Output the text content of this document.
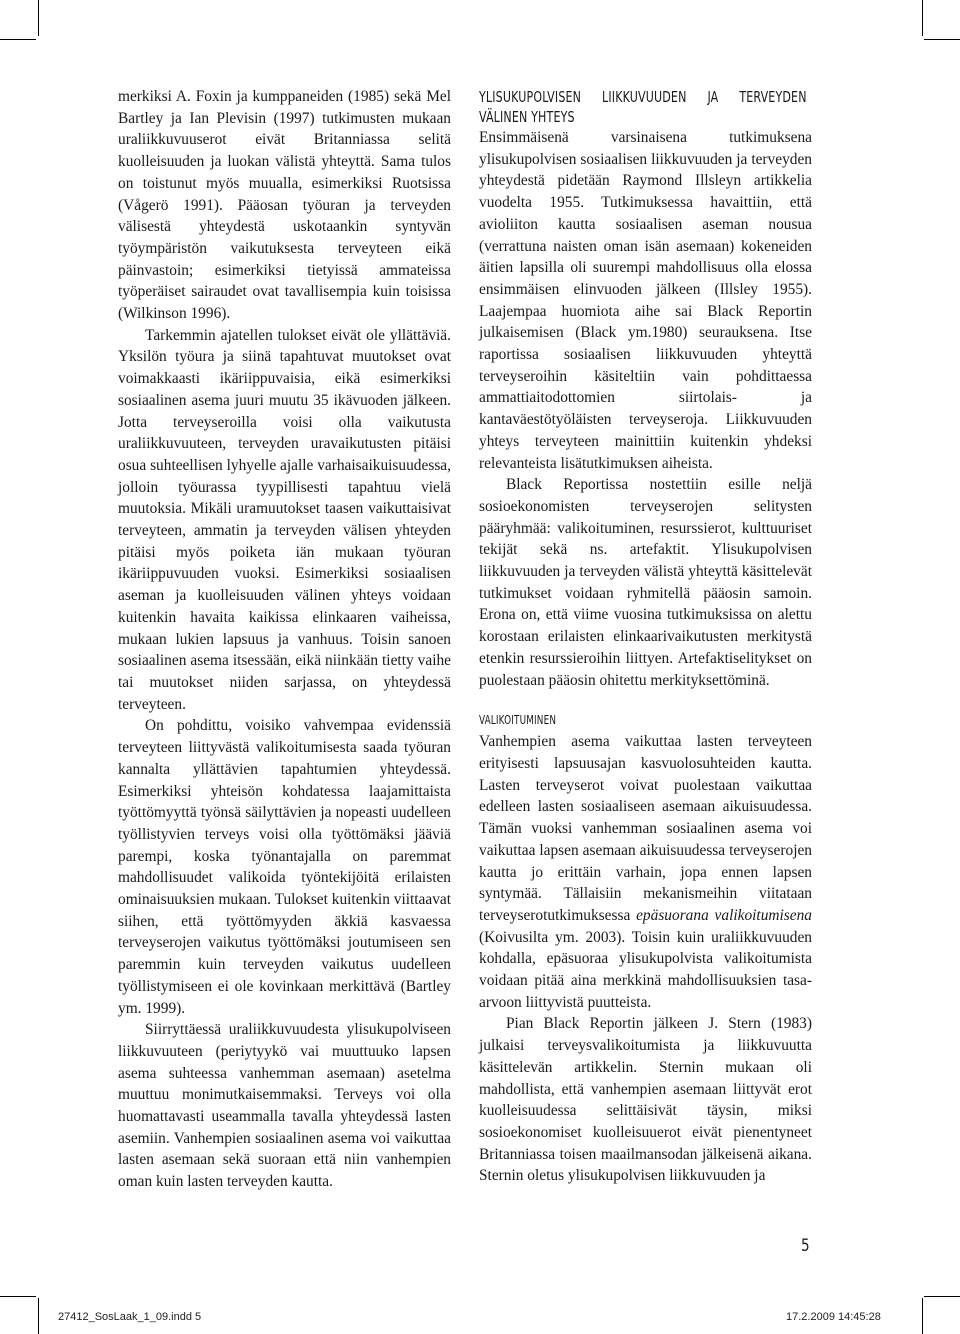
merkiksi A. Foxin ja kumppaneiden (1985) sekä Mel Bartley ja Ian Plevisin (1997) tutkimusten mukaan uraliikkuvuuserot eivät Britanniassa selitä kuolleisuuden ja luokan välistä yhteyttä. Sama tulos on toistunut myös muualla, esimerkiksi Ruotsissa (Vågerö 1991). Pääosan työuran ja terveyden välisestä yhteydestä uskotaankin syntyvän työympäristön vaikutuksesta terveyteen eikä päinvastoin; esimerkiksi tietyissä ammateissa työperäiset sairaudet ovat tavallisempia kuin toisissa (Wilkinson 1996).

Tarkemmin ajatellen tulokset eivät ole yllättäviä. Yksilön työura ja siinä tapahtuvat muutokset ovat voimakkaasti ikäriippuvaisia, eikä esimerkiksi sosiaalinen asema juuri muutu 35 ikävuoden jälkeen. Jotta terveyseroilla voisi olla vaikutusta uraliikkuvuuteen, terveyden uravaikutusten pitäisi osua suhteellisen lyhyelle ajalle varhaisaikuisuudessa, jolloin työurassa tyypillisesti tapahtuu vielä muutoksia. Mikäli uramuutokset taasen vaikuttaisivat terveyteen, ammatin ja terveyden välisen yhteyden pitäisi myös poiketa iän mukaan työuran ikäriippuvuuden vuoksi. Esimerkiksi sosiaalisen aseman ja kuolleisuuden välinen yhteys voidaan kuitenkin havaita kaikissa elinkaaren vaiheissa, mukaan lukien lapsuus ja vanhuus. Toisin sanoen sosiaalinen asema itsessään, eikä niinkään tietty vaihe tai muutokset niiden sarjassa, on yhteydessä terveyteen.

On pohdittu, voisiko vahvempaa evidenssiä terveyteen liittyvästä valikoitumisesta saada työuran kannalta yllättävien tapahtumien yhteydessä. Esimerkiksi yhteisön kohdatessa laajamittaista työttömyyttä työnsä säilyttävien ja nopeasti uudelleen työllistyvien terveys voisi olla työttömäksi jääviä parempi, koska työnantajalla on paremmat mahdollisuudet valikoida työntekijöitä erilaisten ominaisuuksien mukaan. Tulokset kuitenkin viittaavat siihen, että työttömyyden äkkiä kasvaessa terveyserojen vaikutus työttömäksi joutumiseen sen paremmin kuin terveyden vaikutus uudelleen työllistymiseen ei ole kovinkaan merkittävä (Bartley ym. 1999).

Siirryttäessä uraliikkuvuudesta ylisukupolviseen liikkuvuuteen (periytyykö vai muuttuuko lapsen asema suhteessa vanhemman asemaan) asetelma muuttuu monimutkaisemmaksi. Terveys voi olla huomattavasti useammalla tavalla yhteydessä lasten asemiin. Vanhempien sosiaalinen asema voi vaikuttaa lasten asemaan sekä suoraan että niin vanhempien oman kuin lasten terveyden kautta.

YLISUKUPOLVISEN LIIKKUVUUDEN JA TERVEYDEN VÄLINEN YHTEYS

Ensimmäisenä varsinaisena tutkimuksena ylisukupolvisen sosiaalisen liikkuvuuden ja terveyden yhteydestä pidetään Raymond Illsleyn artikkelia vuodelta 1955. Tutkimuksessa havaittiin, että avioliiton kautta sosiaalisen aseman nousua (verrattuna naisten oman isän asemaan) kokeneiden äitien lapsilla oli suurempi mahdollisuus olla elossa ensimmäisen elinvuoden jälkeen (Illsley 1955). Laajempaa huomiota aihe sai Black Reportin julkaisemisen (Black ym.1980) seurauksena. Itse raportissa sosiaalisen liikkuvuuden yhteyttä terveyseroihin käsiteltiin vain pohdittaessa ammattiaitodottomien siirtolais- ja kantaväestötyöläisten terveyseroja. Liikkuvuuden yhteys terveyteen mainittiin kuitenkin yhdeksi relevanteista lisätutkimuksen aiheista.

Black Reportissa nostettiin esille neljä sosioekonomisten terveyserojen selitysten pääryhmää: valikoituminen, resurssierot, kulttuuriset tekijät sekä ns. artefaktit. Ylisukupolvisen liikkuvuuden ja terveyden välistä yhteyttä käsittelevät tutkimukset voidaan ryhmitellä pääosin samoin. Erona on, että viime vuosina tutkimuksissa on alettu korostaan erilaisten elinkaarivaikutusten merkitystä etenkin resurssieroihin liittyen. Artefaktiselitykset on puolestaan pääosin ohitettu merkityksettöminä.

VALIKOITUMINEN

Vanhempien asema vaikuttaa lasten terveyteen erityisesti lapsuusajan kasvuolosuhteiden kautta. Lasten terveyserot voivat puolestaan vaikuttaa edelleen lasten sosiaaliseen asemaan aikuisuudessa. Tämän vuoksi vanhemman sosiaalinen asema voi vaikuttaa lapsen asemaan aikuisuudessa terveyserojen kautta jo erittäin varhain, jopa ennen lapsen syntymää. Tällaisiin mekanismeihin viitataan terveyserotutkimuksessa epäsuorana valikoitumisena (Koivusilta ym. 2003). Toisin kuin uraliikkuvuuden kohdalla, epäsuoraa ylisukupolvista valikoitumista voidaan pitää aina merkkinä mahdollisuuksien tasa-arvoon liittyvistä puutteista.

Pian Black Reportin jälkeen J. Stern (1983) julkaisi terveysvalikoitumista ja liikkuvuutta käsittelevän artikkelin. Sternin mukaan oli mahdollista, että vanhempien asemaan liittyvät erot kuolleisuudessa selittäisivät täysin, miksi sosioekonomiset kuolleisuuerot eivät pienentyneet Britanniassa toisen maailmansodan jälkeisenä aikana. Sternin oletus ylisukupolvisen liikkuvuuden ja

5
27412_SosLaak_1_09.indd 5	17.2.2009 14:45:28
